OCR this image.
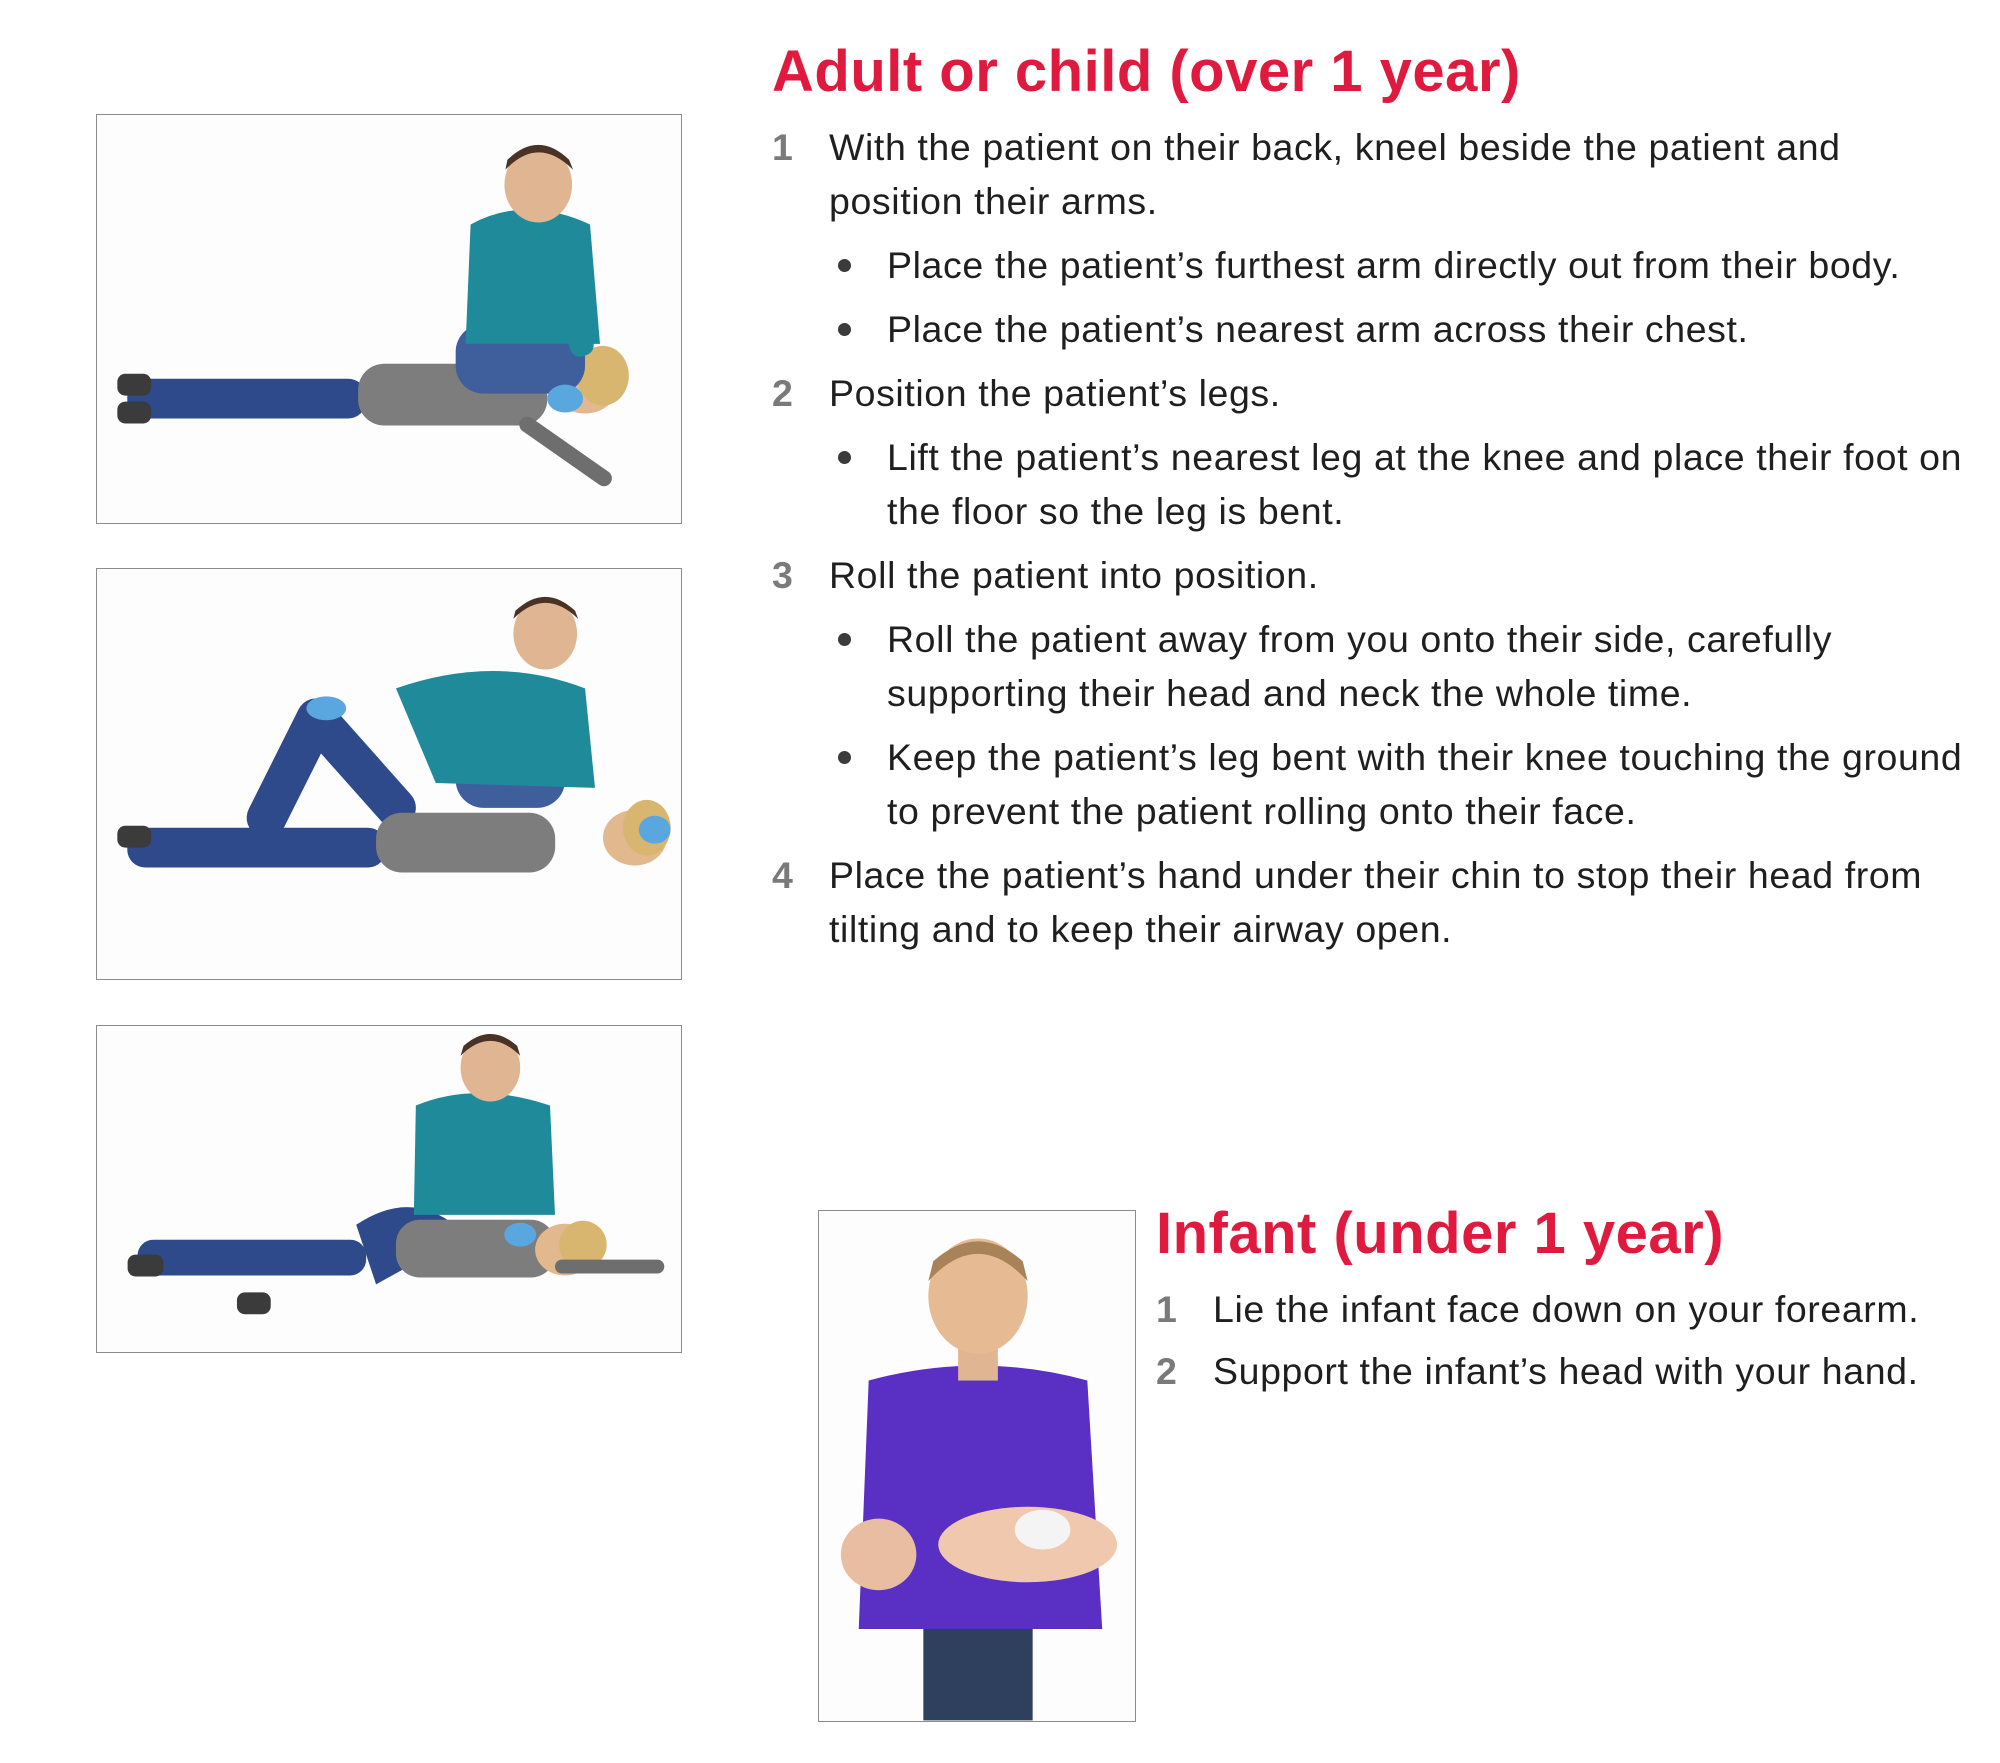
Adult or child (over 1 year)
1 With the patient on their back, kneel beside the patient and position their arms.
Place the patient’s furthest arm directly out from their body.
Place the patient’s nearest arm across their chest.
2 Position the patient’s legs.
Lift the patient’s nearest leg at the knee and place their foot on the floor so the leg is bent.
3 Roll the patient into position.
Roll the patient away from you onto their side, carefully supporting their head and neck the whole time.
Keep the patient’s leg bent with their knee touching the ground to prevent the patient rolling onto their face.
4 Place the patient’s hand under their chin to stop their head from tilting and to keep their airway open.
Infant (under 1 year)
1 Lie the infant face down on your forearm.
2 Support the infant’s head with your hand.
